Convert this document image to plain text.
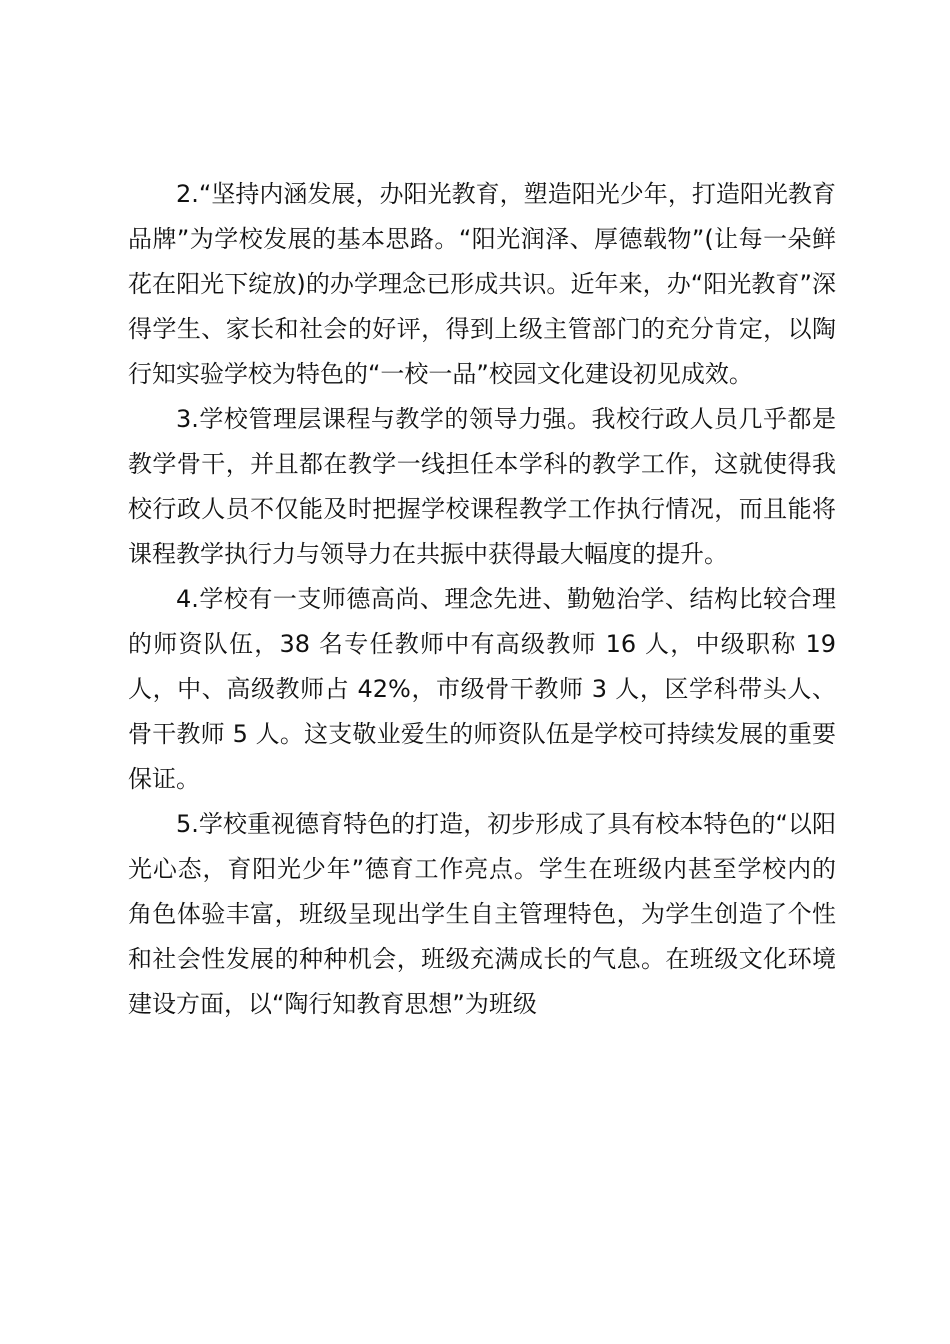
2.“坚持内涵发展，办阳光教育，塑造阳光少年，打造阳光教育品牌”为学校发展的基本思路。“阳光润泽、厚德载物”(让每一朵鲜花在阳光下绽放)的办学理念已形成共识。近年来，办“阳光教育”深得学生、家长和社会的好评，得到上级主管部门的充分肯定，以陶行知实验学校为特色的“一校一品”校园文化建设初见成效。

3.学校管理层课程与教学的领导力强。我校行政人员几乎都是教学骨干，并且都在教学一线担任本学科的教学工作，这就使得我校行政人员不仅能及时把握学校课程教学工作执行情况，而且能将课程教学执行力与领导力在共振中获得最大幅度的提升。

4.学校有一支师德高尚、理念先进、勤勉治学、结构比较合理的师资队伍，38 名专任教师中有高级教师 16 人，中级职称 19 人，中、高级教师占 42%，市级骨干教师 3 人，区学科带头人、骨干教师 5 人。这支敬业爱生的师资队伍是学校可持续发展的重要保证。

5.学校重视德育特色的打造，初步形成了具有校本特色的“以阳光心态，育阳光少年”德育工作亮点。学生在班级内甚至学校内的角色体验丰富，班级呈现出学生自主管理特色，为学生创造了个性和社会性发展的种种机会，班级充满成长的气息。在班级文化环境建设方面，以“陶行知教育思想”为班级
